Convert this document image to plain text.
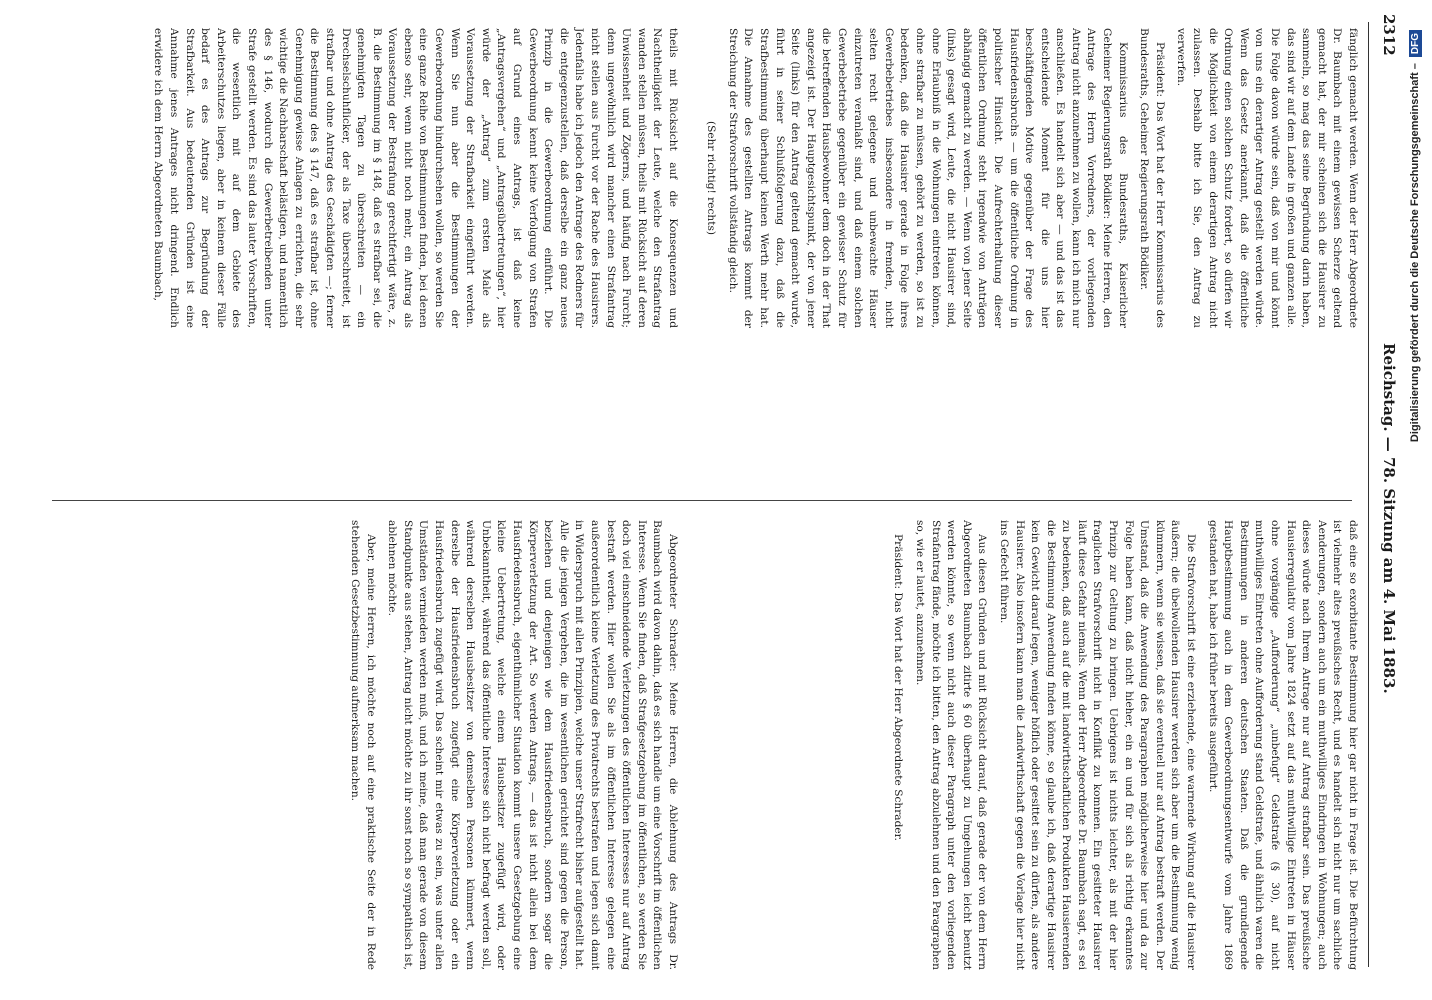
2312
Reichstag. — 78. Sitzung am 4. Mai 1883.

fänglich gemacht werden. Wenn der Herr Abgeordnete Dr. Baumbach mit einem gewissen Scherze geltend gemacht hat, der mir scheinen sich die Hausirer zu sammeln, so mag das seine Begründung darin haben, das sind wir auf dem Lande in großen und ganzen alle. Die Folge davon würde sein, daß von mir und könnt von uns ein derartiger Antrag gestellt werden würde. Wenn das Gesetz anerkannt, daß die öffentliche Ordnung einen solchen Schutz fordert, so dürfen wir die Möglichkeit von einem derartigen Antrag nicht zulassen. Deshalb bitte ich Sie, den Antrag zu verwerfen.

Präsident: Das Wort hat der Herr Kommissarius des Bundesraths, Geheimer Regierungsrath Bödiker.

Kommissarius des Bundesraths, Kaiserlicher Geheimer Regierungsrath Bödiker: Meine Herren, den Antrage des Herrn Vorredners, der vorliegenden Antrag nicht anzunehmen zu wollen, kann ich mich nur anschließen. Es handelt sich aber — und das ist das entscheidende Moment für die uns hier beschäftigenden Motive gegenüber der Frage des Hausfriedensbruchs — um die öffentliche Ordnung in politischer Hinsicht. Die Aufrechterhaltung dieser öffentlichen Ordnung steht irgendwie von Anträgen abhängig gemacht zu werden. — Wenn von jener Seite (links) gesagt wird, Leute, die nicht Hausirer sind, ohne Erlaubniß in die Wohnungen eintreten können, ohne strafbar zu müssen, gehört zu werden, so ist zu bedenken, daß die Hausirer gerade in Folge ihres Gewerbebetriebes insbesondere in fremden, nicht selten recht gelegene und unbewachte Häuser einzutreten veranlaßt sind, und daß einem solchen Gewerbebetriebe gegenüber ein gewisser Schutz für die betreffenden Hausbewohner dem doch in der That angezeigt ist. Der Hauptgesichtspunkt, der von jener Seite (links) für den Antrag geltend gemacht wurde, führt in seiner Schlußfolgerung dazu, daß die Strafbestimmung überhaupt keinen Werth mehr hat. Die Annahme des gestellten Antrags kommt der Streichung der Strafvorschrift vollständig gleich.

(Sehr richtig! rechts)

theils mit Rücksicht auf die Konsequenzen und Nachtheiligkeit der Leute, welche den Strafantrag wanden stellen müssen, theils mit Rücksicht auf deren Unwissenheit und Zögerns, und häufig nach Furcht; denn ungewöhnlich wird mancher einen Strafantrag nicht stellen aus Furcht vor der Rache des Hausirers. Jedenfalls habe ich jedoch den Antrage des Redners für die entgegenzustellen, daß derselbe ein ganz neues Prinzip in die Gewerbeordnung einführt. Die Gewerbeordnung kennt keine Verfolgung von Strafen auf Grund eines Antrags, ist daß keine „Antragsvergehen“ und „Antragsübertretungen“, hier würde der „Antrag“ zum ersten Male als Voraussetzung der Strafbarkeit eingeführt werden. Wenn Sie nun aber die Bestimmungen der Gewerbeordnung hindurchsehen wollen, so werden Sie eine ganze Reihe von Bestimmungen finden, bei denen ebenso sehr, wenn nicht noch mehr, ein Antrag als Voraussetzung der Bestrafung gerechtfertigt wäre, z. B. die Bestimmung im § 148, daß es strafbar sei, die genehmigten Tagen zu überschreiten — ein Drechselschuhflicker, der als Taxe überschreitet, ist strafbar und ohne Antrag des Geschädigten —; ferner die Bestimmung des § 147, daß es strafbar ist, ohne Genehmigung gewisse Anlagen zu errichten, die sehr wichtige die Nachbarschaft belästigen, und namentlich des § 146, wodurch die Gewerbetreibenden unter Strafe gestellt werden. Es sind das lauter Vorschriften, die wesentlich mit auf dem Gebiete des Arbeiterschutzes liegen, aber in keinem dieser Fälle bedarf es des Antrags zur Begründung der Strafbarkeit. Aus bedeutenden Gründen ist eine Annahme jenes Antrages nicht dringend. Endlich erwidere ich dem Herrn Abgeordneten Baumbach,

daß eine so exorbitante Bestimmung hier gar nicht in Frage ist. Die Befürchtung ist vielmehr altes preußisches Recht, und es handelt sich nicht nur um sachliche Aenderungen, sondern auch um ein muthwilliges Eindringen in Wohnungen; auch dieses würde nach Ihrem Antrage nur auf Antrag strafbar sein. Das preußische Hausierregulativ vom Jahre 1824 setzt auf das muthwillige Eintreten in Häuser ohne vorgängige „Aufforderung“ „unbefugt“ Geldstrafe (§ 30), auf nicht muthwilliges Eintreten ohne Aufforderung stand Geldstrafe, und ähnlich waren die Bestimmungen in anderen deutschen Staaten. Daß die grundlegende Hauptbestimmung auch in dem Gewerbeordnungsentwurfe vom Jahre 1869 gestanden hat, habe ich früher bereits ausgeführt.

Die Strafvorschrift ist eine erziehende, eine warnende Wirkung auf die Hausirer äußern; die übelwollenden Hausirer werden sich aber um die Bestimmung wenig kümmern, wenn sie wissen, daß sie eventuell nur auf Antrag bestraft werden. Der Umstand, daß die Anwendung des Paragraphen möglicherweise hier und da zur Folge haben kann, daß nicht hieher, ein an und für sich als richtig erkanntes Prinzip zur Geltung zu bringen. Uebrigens ist nichts leichter, als mit der hier fraglichen Strafvorschrift nicht in Konflikt zu kommen. Ein gesitteter Hausirer läuft diese Gefahr niemals. Wenn der Herr Abgeordnete Dr. Baumbach sagt, es sei zu bedenken, daß auch auf die mit landwirthschaftlichen Produkten Hausierenden die Bestimmung Anwendung finden könne, so glaube ich, daß derartige Hausirer kein Gewicht darauf legen, weniger höflich oder gesittet sein zu dürfen, als andere Hausirer. Also insofern kann man die Landwirthschaft gegen die Vorlage hier nicht ins Gefecht führen.

Aus diesen Gründen und mit Rücksicht darauf, daß gerade der von dem Herrn Abgeordneten Baumbach zitirte § 60 überhaupt zu Umgehungen leicht benutzt werden könnte, so wenn nicht auch dieser Paragraph unter den vorliegenden Strafantrag fände, möchte ich bitten, den Antrag abzulehnen und den Paragraphen so, wie er lautet, anzunehmen.

Präsident: Das Wort hat der Herr Abgeordnete Schrader.

Abgeordneter Schrader: Meine Herren, die Ablehnung des Antrags Dr. Baumbach wird davon dahin, daß es sich handle um eine Vorschrift im öffentlichen Interesse. Wenn Sie finden, daß Strafgesetzgebung im öffentlichen, so werden Sie doch viel einschneidende Verletzungen des öffentlichen Interesses nur auf Antrag bestraft werden. Hier wollen Sie als im öffentlichen Interesse gelegen eine außerordentlich kleine Verletzung des Privatrechts bestrafen und legen sich damit in Widerspruch mit allen Prinzipien, welche unser Strafrecht bisher aufgestellt hat. Alle die jenigen Vergehen, die im wesentlichen gerichtet sind gegen die Person, beziehen und denjenigen wie dem Hausfriedensbruch, sondern sogar die Körperverletzung der Art. So werden Antrags, — das ist nicht allein bei dem Hausfriedensbruch, eigenthümlicher Situation kommt unsere Gesetzgebung eine kleine Uebertretung, welche einem Hausbesitzer zugefügt wird, oder Unbekanntheit, während das öffentliche Interesse sich nicht befragt werden soll, während derselben Hausbesitzer von demselben Personen kümmert, wenn derselbe der Hausfriedensbruch zugefügt eine Körperverletzung oder ein Hausfriedensbruch zugefügt wird. Das scheint mir etwas zu sein, was unter allen Umständen vermieden werden muß, und ich meine, daß man gerade von diesem Standpunkte aus stehen, Antrag nicht möchte zu ihr sonst noch so sympathisch ist, ablehnen möchte.

Aber, meine Herren, ich möchte noch auf eine praktische Seite der in Rede stehenden Gesetzbestimmung aufmerksam machen.

Digitalisierung gefördert durch die Deutsche Forschungsgemeinschaft –
DFG
